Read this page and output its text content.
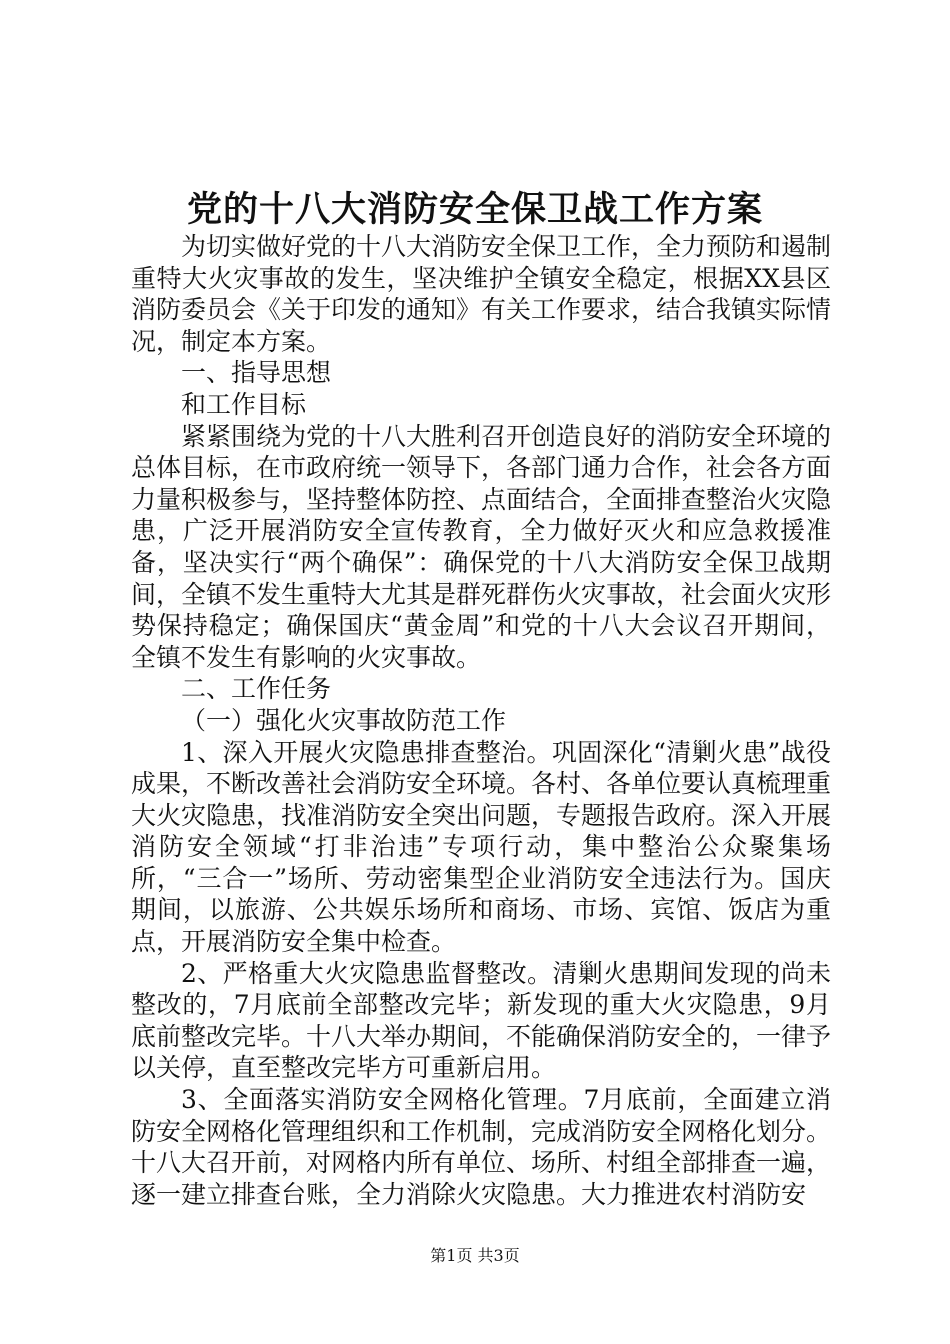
党的十八大消防安全保卫战工作方案

为切实做好党的十八大消防安全保卫工作，全力预防和遏制重特大火灾事故的发生，坚决维护全镇安全稳定，根据XX县区消防委员会《关于印发的通知》有关工作要求，结合我镇实际情况，制定本方案。

一、指导思想

和工作目标

紧紧围绕为党的十八大胜利召开创造良好的消防安全环境的总体目标，在市政府统一领导下，各部门通力合作，社会各方面力量积极参与，坚持整体防控、点面结合，全面排查整治火灾隐患，广泛开展消防安全宣传教育，全力做好灭火和应急救援准备，坚决实行“两个确保”：确保党的十八大消防安全保卫战期间，全镇不发生重特大尤其是群死群伤火灾事故，社会面火灾形势保持稳定；确保国庆“黄金周”和党的十八大会议召开期间，全镇不发生有影响的火灾事故。

二、工作任务

（一）强化火灾事故防范工作

1、深入开展火灾隐患排查整治。巩固深化“清剿火患”战役成果，不断改善社会消防安全环境。各村、各单位要认真梳理重大火灾隐患，找准消防安全突出问题，专题报告政府。深入开展消防安全领域“打非治违”专项行动，集中整治公众聚集场所，“三合一”场所、劳动密集型企业消防安全违法行为。国庆期间，以旅游、公共娱乐场所和商场、市场、宾馆、饭店为重点，开展消防安全集中检查。

2、严格重大火灾隐患监督整改。清剿火患期间发现的尚未整改的，7月底前全部整改完毕；新发现的重大火灾隐患，9月底前整改完毕。十八大举办期间，不能确保消防安全的，一律予以关停，直至整改完毕方可重新启用。

3、全面落实消防安全网格化管理。7月底前，全面建立消防安全网格化管理组织和工作机制，完成消防安全网格化划分。十八大召开前，对网格内所有单位、场所、村组全部排查一遍，逐一建立排查台账，全力消除火灾隐患。大力推进农村消防安

第1页 共3页
